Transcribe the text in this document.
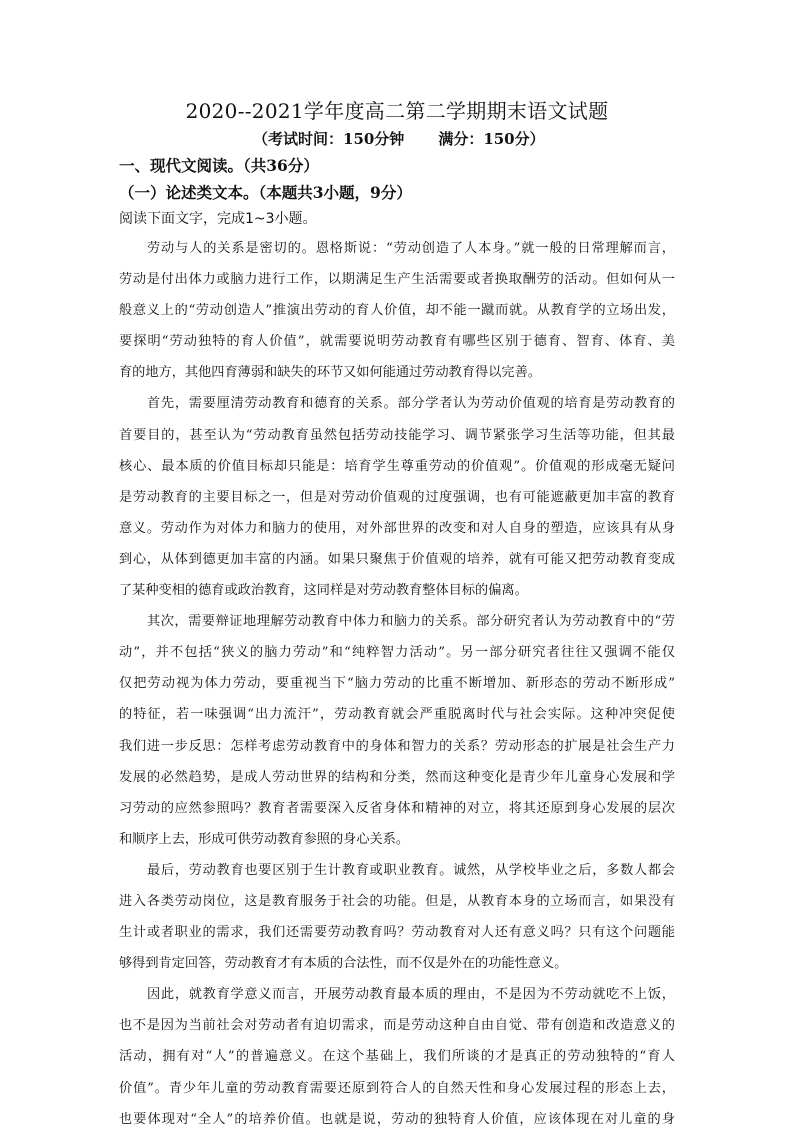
2020--2021学年度高二第二学期期末语文试题
（考试时间：150分钟 满分：150分）
一、现代文阅读。（共36分）
（一）论述类文本。（本题共3小题，9分）
阅读下面文字，完成1~3小题。
劳动与人的关系是密切的。恩格斯说：“劳动创造了人本身。”就一般的日常理解而言，
劳动是付出体力或脑力进行工作，以期满足生产生活需要或者换取酬劳的活动。但如何从一
般意义上的“劳动创造人”推演出劳动的育人价值，却不能一蹴而就。从教育学的立场出发，
要探明“劳动独特的育人价值”，就需要说明劳动教育有哪些区别于德育、智育、体育、美
育的地方，其他四育薄弱和缺失的环节又如何能通过劳动教育得以完善。
首先，需要厘清劳动教育和德育的关系。部分学者认为劳动价值观的培育是劳动教育的
首要目的，甚至认为“劳动教育虽然包括劳动技能学习、调节紧张学习生活等功能，但其最
核心、最本质的价值目标却只能是：培育学生尊重劳动的价值观”。价值观的形成毫无疑问
是劳动教育的主要目标之一，但是对劳动价值观的过度强调，也有可能遮蔽更加丰富的教育
意义。劳动作为对体力和脑力的使用，对外部世界的改变和对人自身的塑造，应该具有从身
到心，从体到德更加丰富的内涵。如果只聚焦于价值观的培养，就有可能又把劳动教育变成
了某种变相的德育或政治教育，这同样是对劳动教育整体目标的偏离。
其次，需要辩证地理解劳动教育中体力和脑力的关系。部分研究者认为劳动教育中的“劳
动”，并不包括“狭义的脑力劳动”和“纯粹智力活动”。另一部分研究者往往又强调不能仅
仅把劳动视为体力劳动，要重视当下“脑力劳动的比重不断增加、新形态的劳动不断形成”
的特征，若一味强调“出力流汗”，劳动教育就会严重脱离时代与社会实际。这种冲突促使
我们进一步反思：怎样考虑劳动教育中的身体和智力的关系？劳动形态的扩展是社会生产力
发展的必然趋势，是成人劳动世界的结构和分类，然而这种变化是青少年儿童身心发展和学
习劳动的应然参照吗？教育者需要深入反省身体和精神的对立，将其还原到身心发展的层次
和顺序上去，形成可供劳动教育参照的身心关系。
最后，劳动教育也要区别于生计教育或职业教育。诚然，从学校毕业之后，多数人都会
进入各类劳动岗位，这是教育服务于社会的功能。但是，从教育本身的立场而言，如果没有
生计或者职业的需求，我们还需要劳动教育吗？劳动教育对人还有意义吗？只有这个问题能
够得到肯定回答，劳动教育才有本质的合法性，而不仅是外在的功能性意义。
因此，就教育学意义而言，开展劳动教育最本质的理由，不是因为不劳动就吃不上饭，
也不是因为当前社会对劳动者有迫切需求，而是劳动这种自由自觉、带有创造和改造意义的
活动，拥有对“人”的普遍意义。在这个基础上，我们所谈的才是真正的劳动独特的“育人
价值”。青少年儿童的劳动教育需要还原到符合人的自然天性和身心发展过程的形态上去，
也要体现对“全人”的培养价值。也就是说，劳动的独特育人价值，应该体现在对儿童的身
